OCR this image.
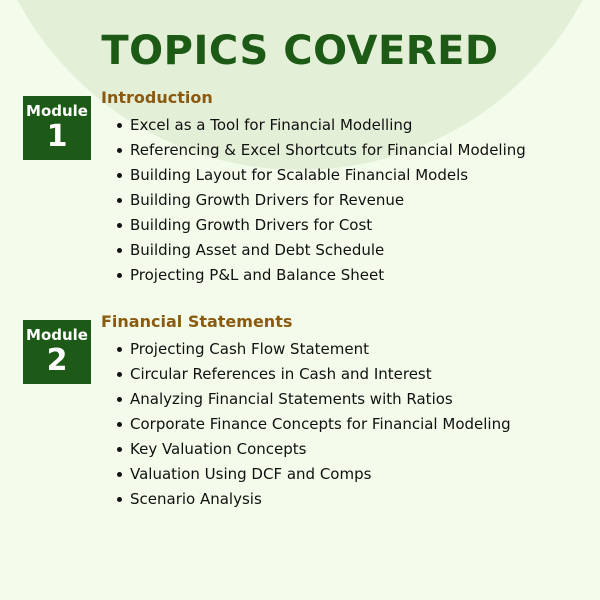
TOPICS COVERED
Module
1
Introduction
Excel as a Tool for Financial Modelling
Referencing & Excel Shortcuts for Financial Modeling
Building Layout for Scalable Financial Models
Building Growth Drivers for Revenue
Building Growth Drivers for Cost
Building Asset and Debt Schedule
Projecting P&L and Balance Sheet
Module
2
Financial Statements
Projecting Cash Flow Statement
Circular References in Cash and Interest
Analyzing Financial Statements with Ratios
Corporate Finance Concepts for Financial Modeling
Key Valuation Concepts
Valuation Using DCF and Comps
Scenario Analysis
